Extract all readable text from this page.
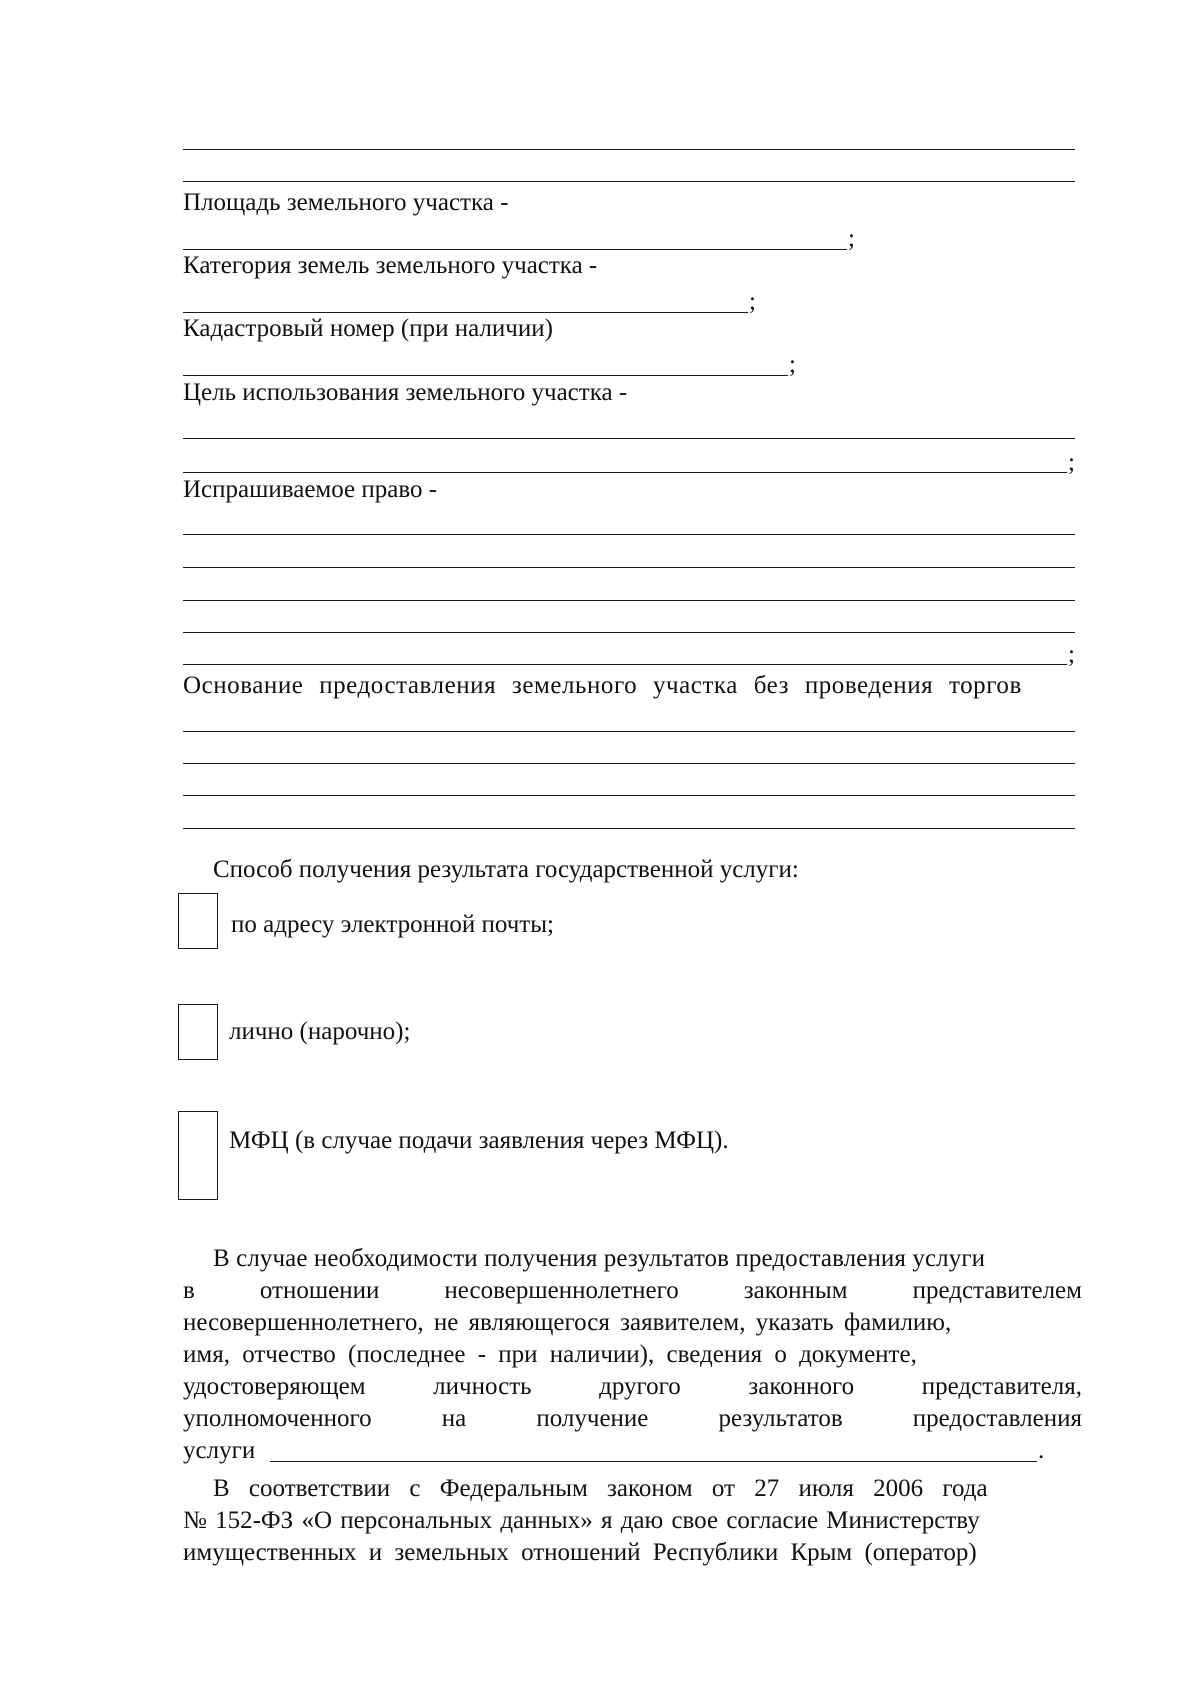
Площадь земельного участка -
;
Категория земель земельного участка -
;
Кадастровый номер (при наличии)
;
Цель использования земельного участка -
;
Испрашиваемое право -
;
Основание предоставления земельного участка без проведения торгов
Способ получения результата государственной услуги:
по адресу электронной почты;
лично (нарочно);
МФЦ (в случае подачи заявления через МФЦ).
В случае необходимости получения результатов предоставления услуги
в	отношении	несовершеннолетнего	законным	представителем
несовершеннолетнего, не являющегося заявителем, указать фамилию,
имя, отчество (последнее - при наличии), сведения о документе,
удостоверяющем	личность	другого	законного	представителя,
уполномоченного	на	получение	результатов	предоставления
услуги	.
В соответствии с Федеральным законом от 27 июля 2006 года
№ 152-ФЗ «О персональных данных» я даю свое согласие Министерству
имущественных и земельных отношений Республики Крым (оператор)
